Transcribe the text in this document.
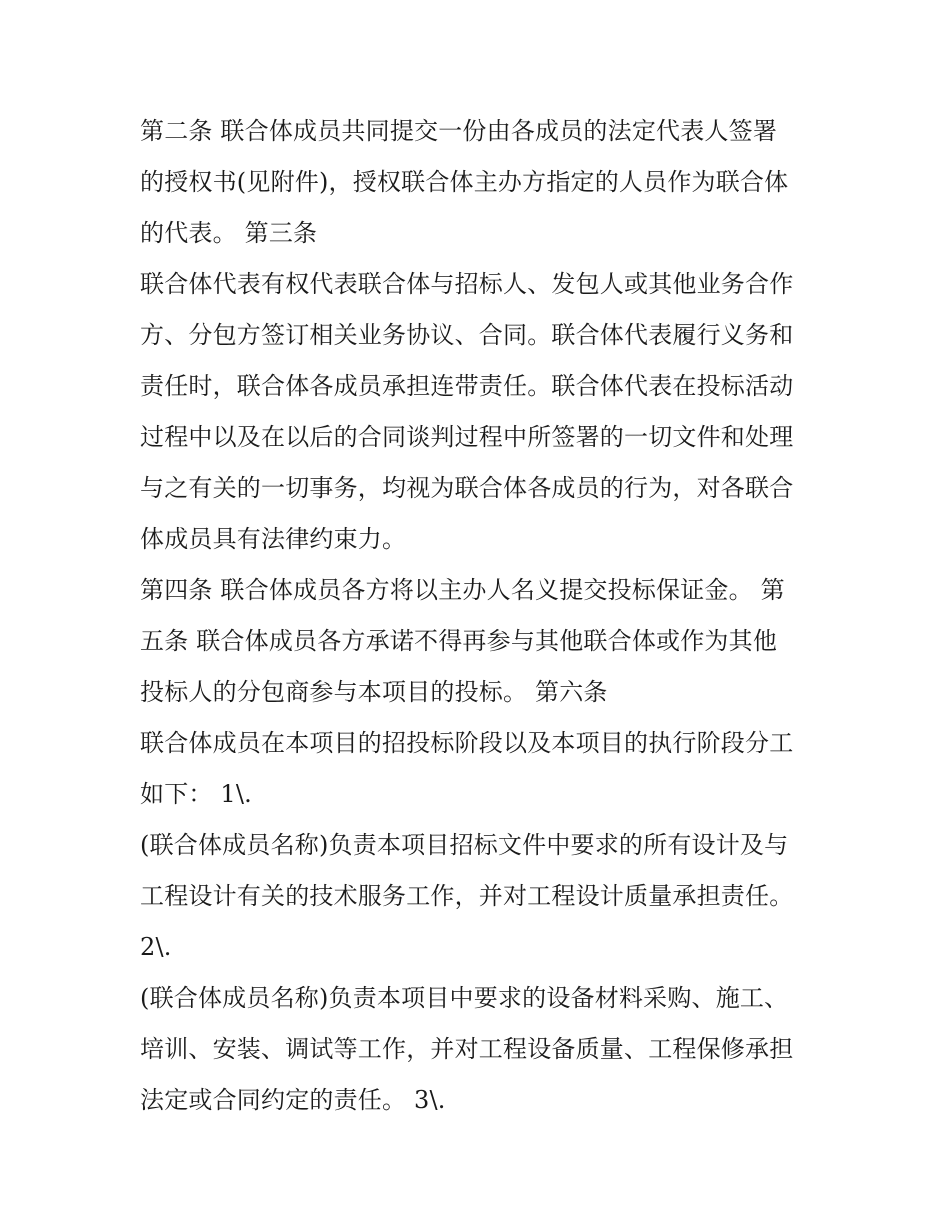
第二条 联合体成员共同提交一份由各成员的法定代表人签署
的授权书(见附件)，授权联合体主办方指定的人员作为联合体
的代表。 第三条
联合体代表有权代表联合体与招标人、发包人或其他业务合作
方、分包方签订相关业务协议、合同。联合体代表履行义务和
责任时，联合体各成员承担连带责任。联合体代表在投标活动
过程中以及在以后的合同谈判过程中所签署的一切文件和处理
与之有关的一切事务，均视为联合体各成员的行为，对各联合
体成员具有法律约束力。
第四条 联合体成员各方将以主办人名义提交投标保证金。 第
五条 联合体成员各方承诺不得再参与其他联合体或作为其他
投标人的分包商参与本项目的投标。 第六条
联合体成员在本项目的招投标阶段以及本项目的执行阶段分工
如下： 1\.
(联合体成员名称)负责本项目招标文件中要求的所有设计及与
工程设计有关的技术服务工作，并对工程设计质量承担责任。
2\.
(联合体成员名称)负责本项目中要求的设备材料采购、施工、
培训、安装、调试等工作，并对工程设备质量、工程保修承担
法定或合同约定的责任。 3\.
